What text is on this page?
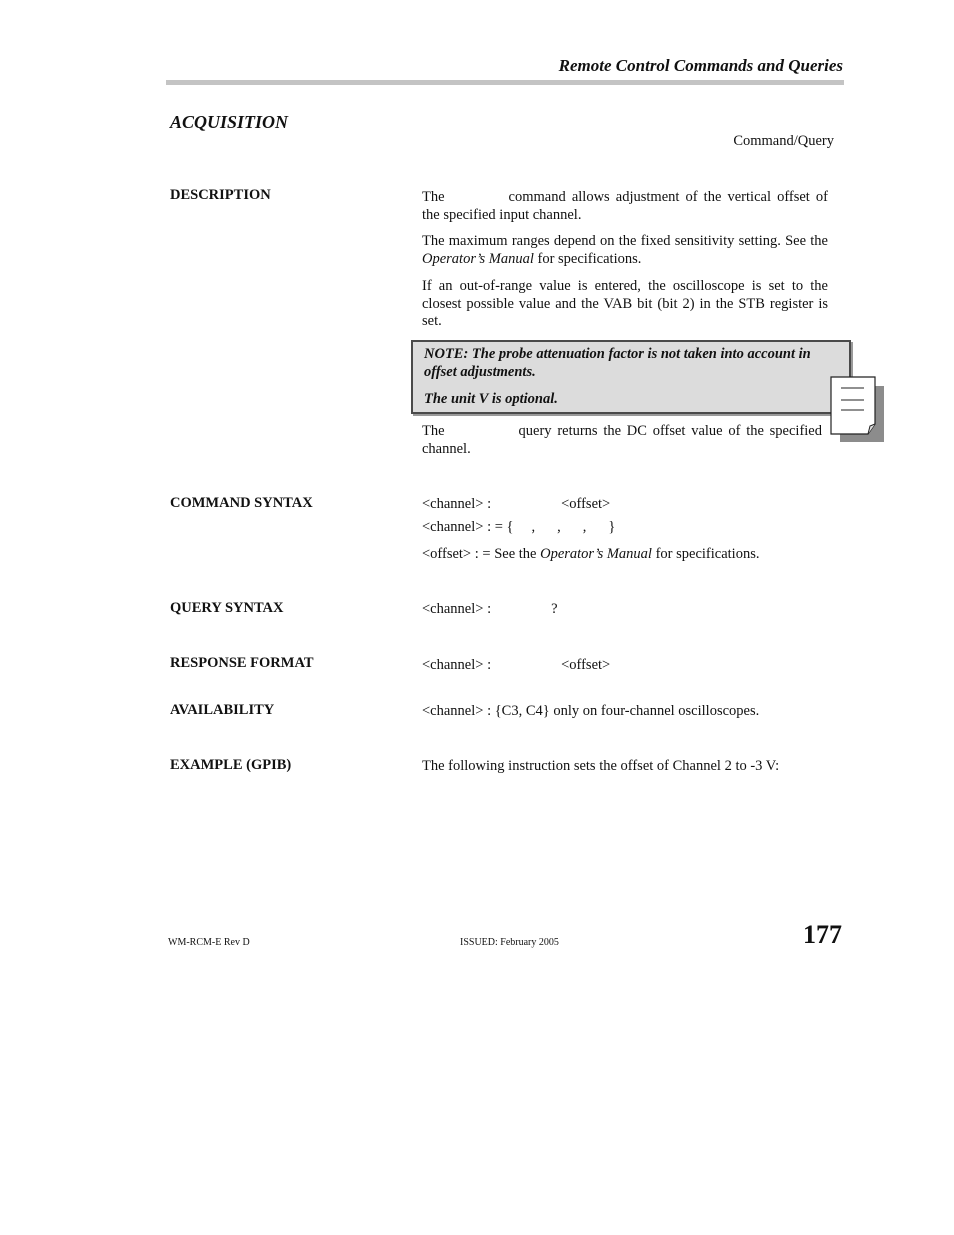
Remote Control Commands and Queries
ACQUISITION
Command/Query
DESCRIPTION	The	command allows adjustment of the vertical offset of the specified input channel.

The maximum ranges depend on the fixed sensitivity setting. See the Operator’s Manual for specifications.

If an out-of-range value is entered, the oscilloscope is set to the closest possible value and the VAB bit (bit 2) in the STB register is set.

NOTE: The probe attenuation factor is not taken into account in offset adjustments.

The unit V is optional.

The	query returns the DC offset value of the specified channel.

COMMAND SYNTAX	<channel> :	<offset>
<channel> : = { , , , }
<offset> : = See the Operator’s Manual for specifications.
QUERY SYNTAX	<channel> :	?
RESPONSE FORMAT	<channel> :	<offset>
AVAILABILITY	<channel> : {C3, C4} only on four-channel oscilloscopes.
EXAMPLE (GPIB)	The following instruction sets the offset of Channel 2 to -3 V:
WM-RCM-E Rev D	ISSUED: February 2005	177
